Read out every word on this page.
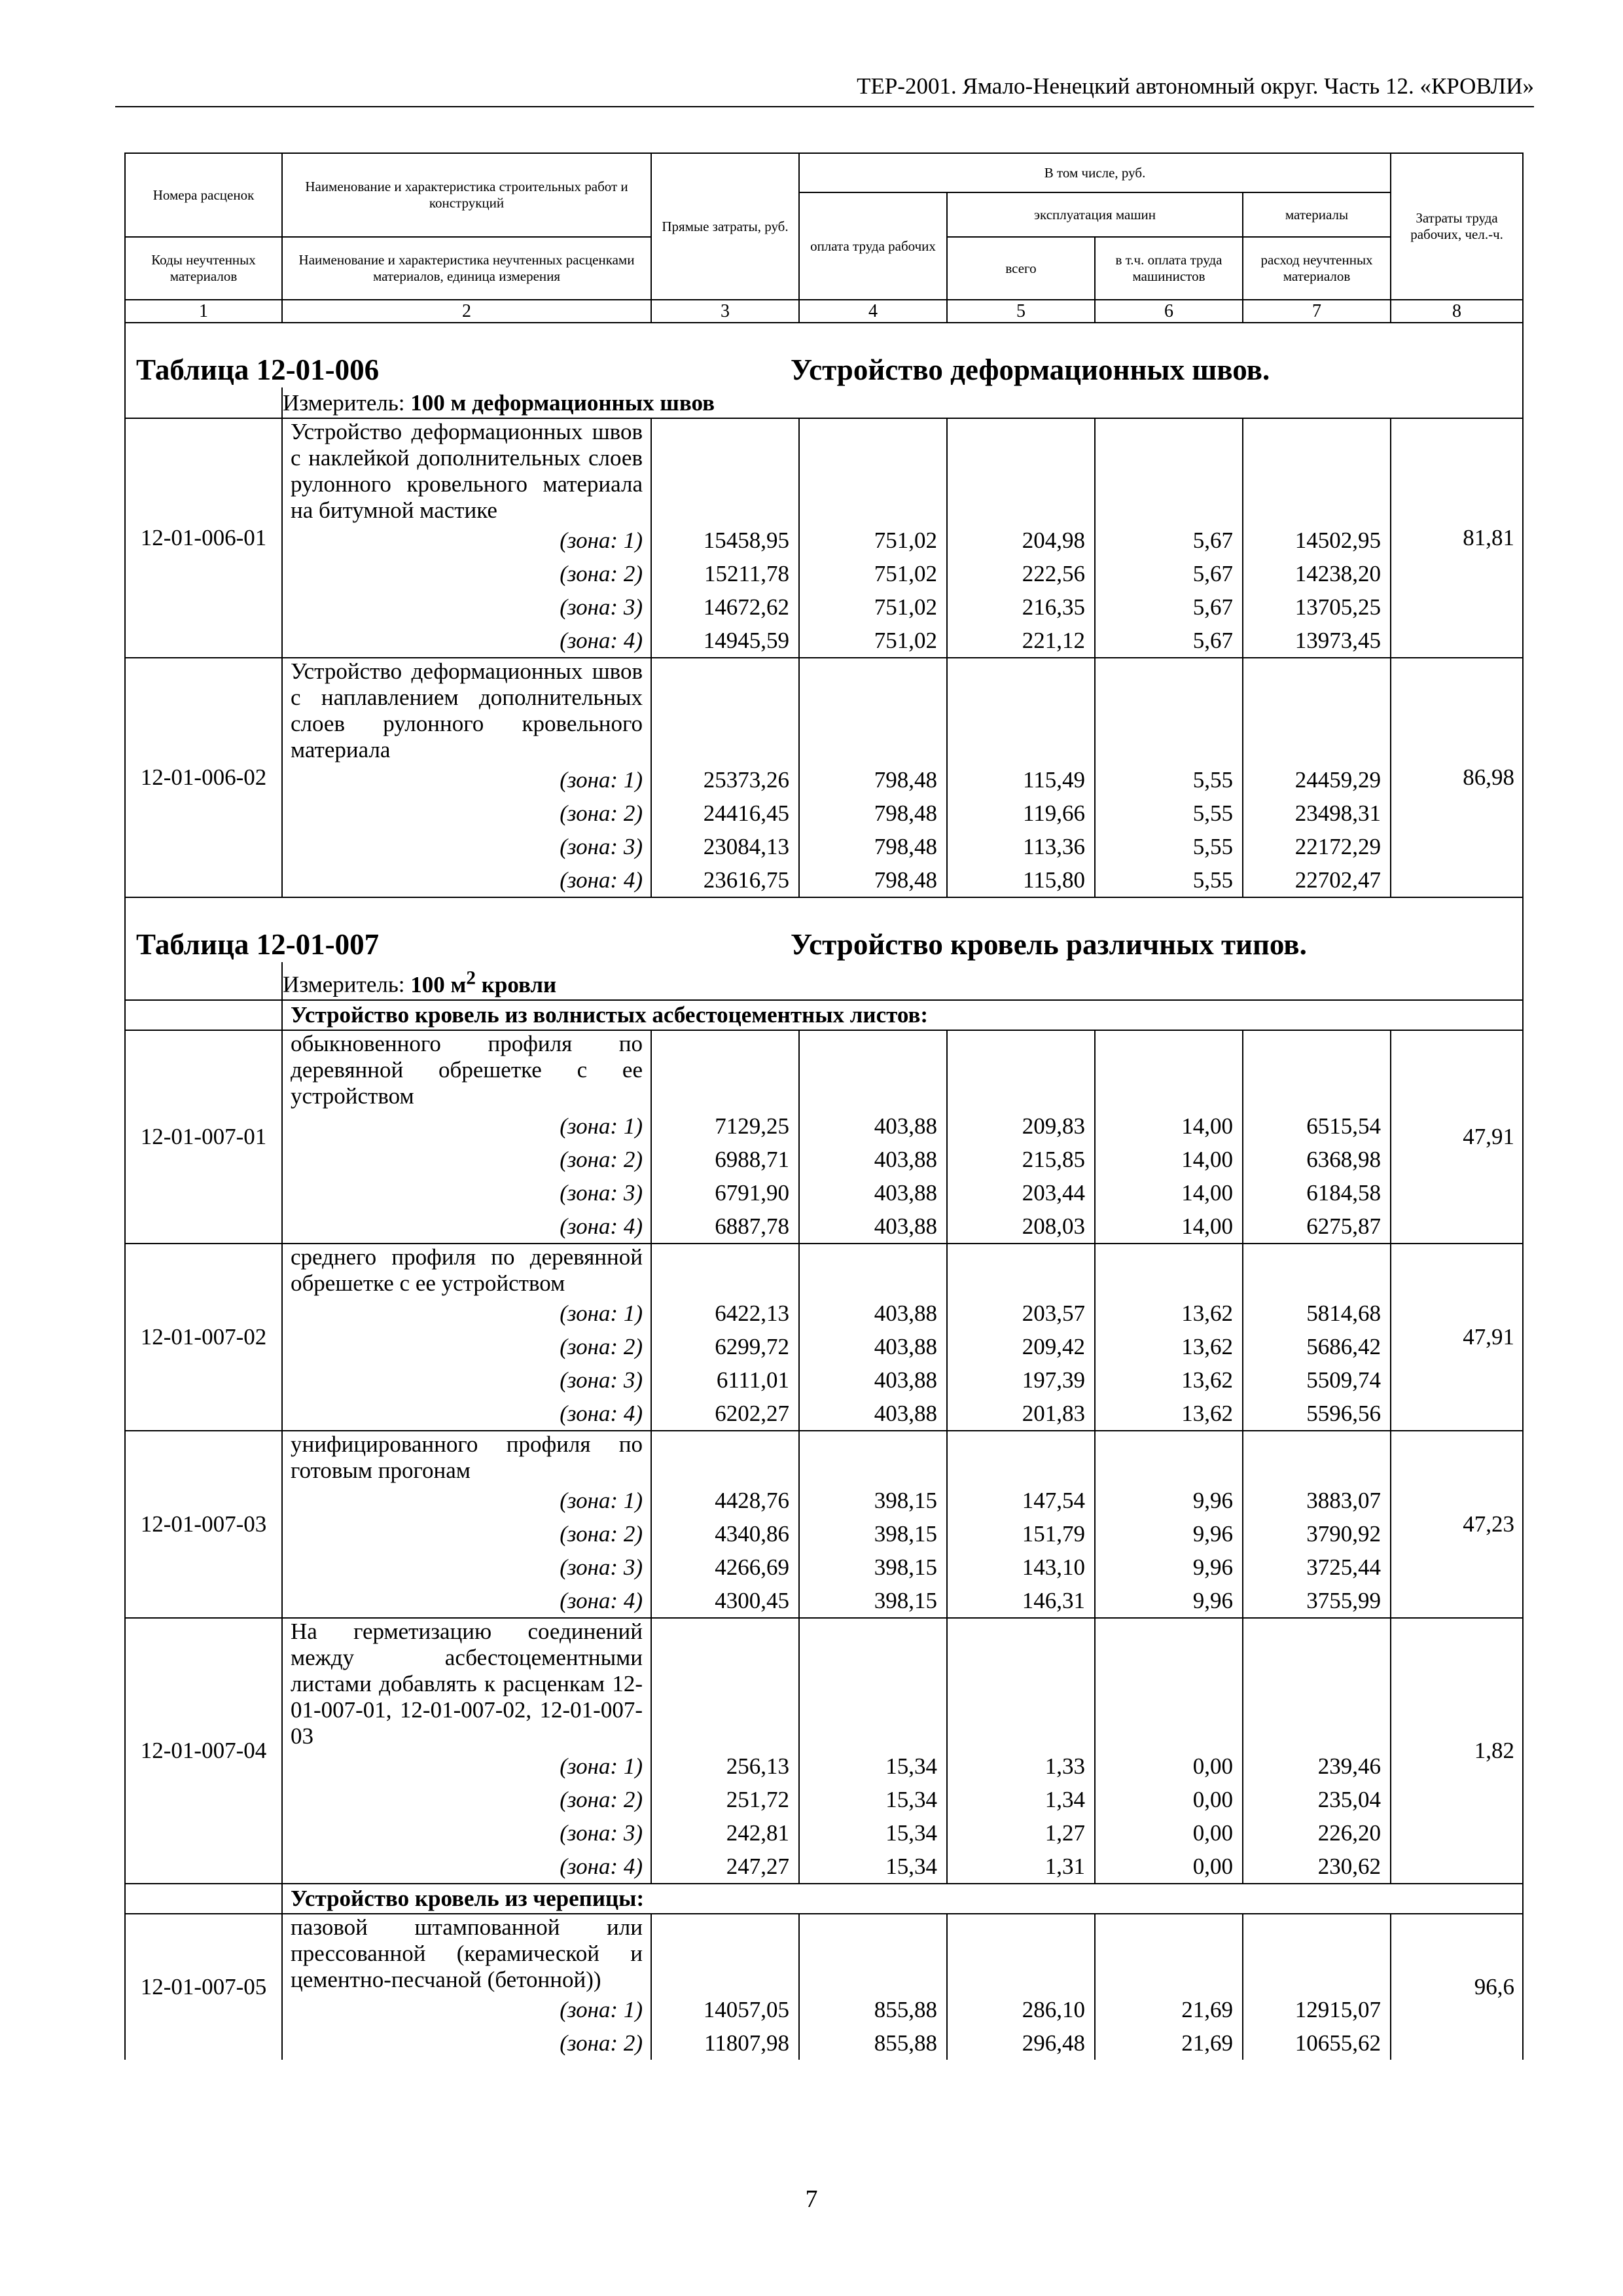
ТЕР-2001. Ямало-Ненецкий автономный округ. Часть 12. «КРОВЛИ»
Номера расценок	Наименование и характеристика строительных работ и конструкций	Прямые затраты, руб.	В том числе, руб.				Затраты труда рабочих, чел.-ч.
			оплата труда рабочих	эксплуатация машин		материалы	
Коды неучтенных материалов	Наименование и характеристика неучтенных расценками материалов, единица измерения			всего	в т.ч. оплата труда машинистов	расход неучтенных материалов	
1	2	3	4	5	6	7	8

Таблица 12-01-006 Устройство деформационных швов.							

	Измеритель: 100 м деформационных швов						
12-01-006-01	Устройство деформационных швов с наклейкой дополнительных слоев рулонного кровельного материала на битумной мастике						81,81
	(зона: 1)	15458,95	751,02	204,98	5,67	14502,95	
	(зона: 2)	15211,78	751,02	222,56	5,67	14238,20	
	(зона: 3)	14672,62	751,02	216,35	5,67	13705,25	
	(зона: 4)	14945,59	751,02	221,12	5,67	13973,45	
12-01-006-02	Устройство деформационных швов с наплавлением дополнительных слоев рулонного кровельного материала						86,98
	(зона: 1)	25373,26	798,48	115,49	5,55	24459,29	
	(зона: 2)	24416,45	798,48	119,66	5,55	23498,31	
	(зона: 3)	23084,13	798,48	113,36	5,55	22172,29	
	(зона: 4)	23616,75	798,48	115,80	5,55	22702,47	

Таблица 12-01-007 Устройство кровель различных типов.							

	Измеритель: 100 $м^2$ кровли						
	Устройство кровель из волнистых асбестоцементных листов:						
12-01-007-01	обыкновенного профиля по деревянной обрешетке с ее устройством						47,91
	(зона: 1)	7129,25	403,88	209,83	14,00	6515,54	
	(зона: 2)	6988,71	403,88	215,85	14,00	6368,98	
	(зона: 3)	6791,90	403,88	203,44	14,00	6184,58	
	(зона: 4)	6887,78	403,88	208,03	14,00	6275,87	
12-01-007-02	среднего профиля по деревянной обрешетке с ее устройством						47,91
	(зона: 1)	6422,13	403,88	203,57	13,62	5814,68	
	(зона: 2)	6299,72	403,88	209,42	13,62	5686,42	
	(зона: 3)	6111,01	403,88	197,39	13,62	5509,74	
	(зона: 4)	6202,27	403,88	201,83	13,62	5596,56	
12-01-007-03	унифицированного профиля по готовым прогонам						47,23
	(зона: 1)	4428,76	398,15	147,54	9,96	3883,07	
	(зона: 2)	4340,86	398,15	151,79	9,96	3790,92	
	(зона: 3)	4266,69	398,15	143,10	9,96	3725,44	
	(зона: 4)	4300,45	398,15	146,31	9,96	3755,99	
12-01-007-04	На герметизацию соединений между асбестоцементными листами добавлять к расценкам 12-01-007-01, 12-01-007-02, 12-01-007-03						1,82
	(зона: 1)	256,13	15,34	1,33	0,00	239,46	
	(зона: 2)	251,72	15,34	1,34	0,00	235,04	
	(зона: 3)	242,81	15,34	1,27	0,00	226,20	
	(зона: 4)	247,27	15,34	1,31	0,00	230,62	
	Устройство кровель из черепицы:						
12-01-007-05	пазовой штампованной или прессованной (керамической и цементно-песчаной (бетонной))						96,6
	(зона: 1)	14057,05	855,88	286,10	21,69	12915,07	
	(зона: 2)	11807,98	855,88	296,48	21,69	10655,62	
7
